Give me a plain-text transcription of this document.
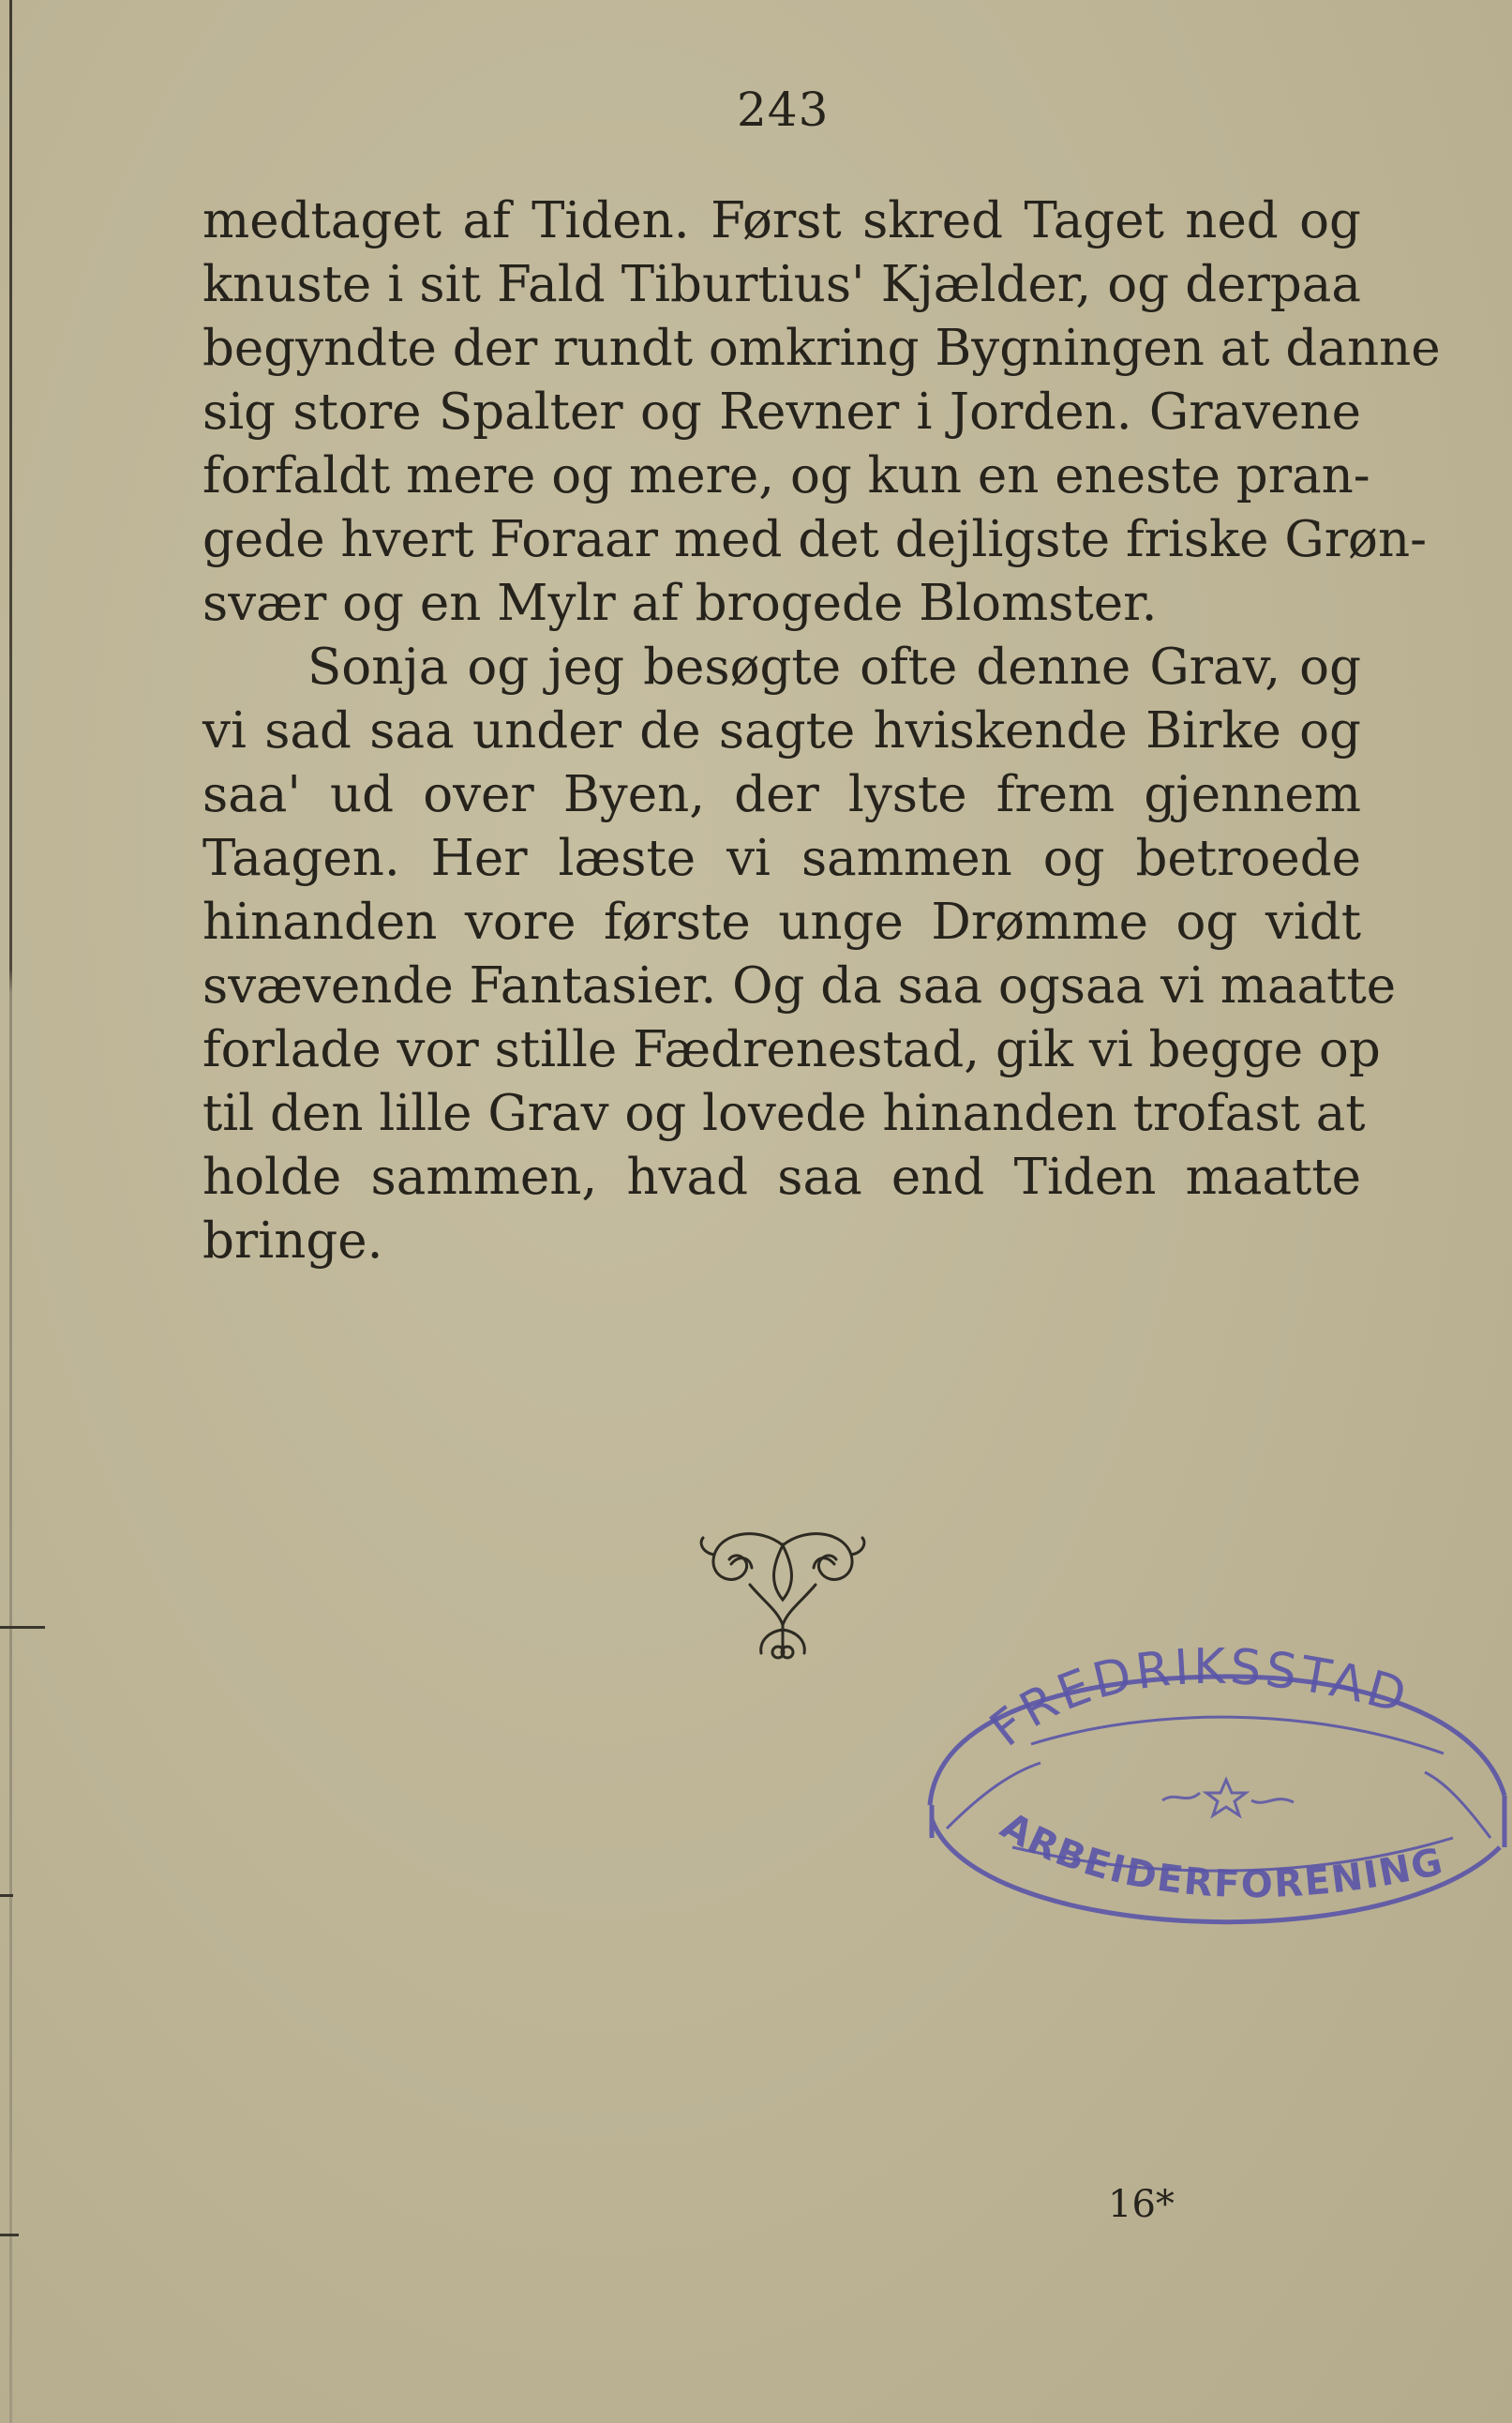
243
medtaget af Tiden. Først skred Taget ned og
knuste i sit Fald Tiburtius' Kjælder, og derpaa
begyndte der rundt omkring Bygningen at danne
sig store Spalter og Revner i Jorden. Gravene
forfaldt mere og mere, og kun en eneste pran-
gede hvert Foraar med det dejligste friske Grøn-
svær og en Mylr af brogede Blomster.
Sonja og jeg besøgte ofte denne Grav, og
vi sad saa under de sagte hviskende Birke og
saa' ud over Byen, der lyste frem gjennem
Taagen. Her læste vi sammen og betroede
hinanden vore første unge Drømme og vidt
svævende Fantasier. Og da saa ogsaa vi maatte
forlade vor stille Fædrenestad, gik vi begge op
til den lille Grav og lovede hinanden trofast at
holde sammen, hvad saa end Tiden maatte
bringe.
FREDRIKSSTAD
ARBEIDERFORENING
16*
